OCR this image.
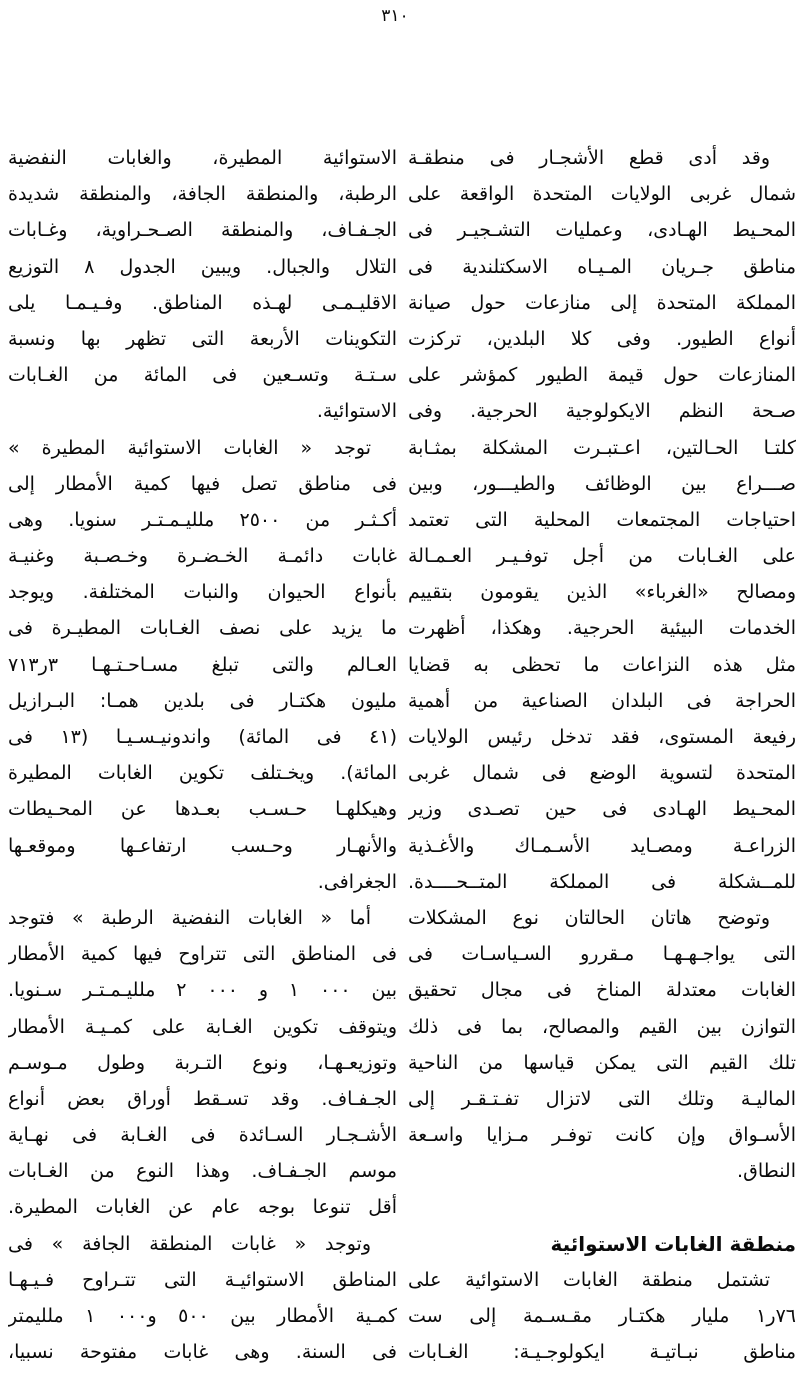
٣١٠
وقد أدى قطع الأشجـار فى منطقـة
شمال غربى الولايات المتحدة الواقعة على
المحـيط الهـادى، وعمليات التشـجيـر فى
مناطق جـريان المـيـاه الاسكتلندية فى
المملكة المتحدة إلى منازعات حول صيانة
أنواع الطيور. وفى كلا البلدين، تركزت
المنازعات حول قيمة الطيور كمؤشر على
صـحة النظم الايكولوجية الحرجية. وفى
كلتـا الحـالتين، اعـتبـرت المشكلة بمثـابة
صـــراع بين الوظائف والطيـــور، وبين
احتياجات المجتمعات المحلية التى تعتمد
على الغـابات من أجل توفـيـر العـمـالة
ومصالح «الغرباء» الذين يقومون بتقييم
الخدمات البيئية الحرجية. وهكذا، أظهرت
مثل هذه النزاعات ما تحظى به قضايا
الحراجة فى البلدان الصناعية من أهمية
رفيعة المستوى، فقد تدخل رئيس الولايات
المتحدة لتسوية الوضع فى شمال غربى
المحـيط الهـادى فى حين تصـدى وزير
الزراعـة ومصـايد الأسـمـاك والأغـذية
للمــشكلة فى المملكة المتــحــــدة.
وتوضح هاتان الحالتان نوع المشكلات
التى يواجـهـهـا مـقررو السـياسـات فى
الغابات معتدلة المناخ فى مجال تحقيق
التوازن بين القيم والمصالح، بما فى ذلك
تلك القيم التى يمكن قياسها من الناحية
الماليـة وتلك التى لاتزال تفـتـقـر إلى
الأسـواق وإن كانت توفـر مـزايا واسـعة
النطاق.
منطقة الغابات الاستوائية
تشتمل منطقة الغابات الاستوائية على
٧٦ر١ مليار هكتـار مقـسـمة إلى ست
مناطق نبـاتيـة ايكولوجـيـة: الغـابات
الاستوائية المطيرة، والغابات النفضية
الرطبة، والمنطقة الجافة، والمنطقة شديدة
الجـفـاف، والمنطقة الصـحـراوية، وغـابات
التلال والجبال. ويبين الجدول ٨ التوزيع
الاقليـمـى لهـذه المناطق. وفـيـمـا يلى
التكوينات الأربعة التى تظهر بها ونسبة
سـتـة وتسـعين فى المائة من الغـابات
الاستوائية.
توجد « الغابات الاستوائية المطيرة »
فى مناطق تصل فيها كمية الأمطار إلى
أكـثـر من ٢٥٠٠ ملليـمـتـر سنويا. وهى
غابات دائمـة الخـضـرة وخـصـبة وغنيـة
بأنواع الحيوان والنبات المختلفة. ويوجد
ما يزيد على نصف الغـابات المطيـرة فى
العـالم والتى تبلغ مسـاحـتـهـا ٣ر٧١٣
مليون هكتـار فى بلدين همـا: البـرازيل
(٤١ فى المائة) واندونيـسـيـا (١٣ فى
المائة). ويخـتلف تكوين الغابات المطيرة
وهيكلهـا حـسـب بعـدها عن المحـيطات
والأنهـار وحـسب ارتفاعـها وموقعـها
الجغرافى.
أما « الغابات النفضية الرطبة » فتوجد
فى المناطق التى تتراوح فيها كمية الأمطار
بين ١ ٠٠٠ و ٢ ٠٠٠ ملليـمـتـر سـنويا.
ويتوقف تكوين الغـابة على كمـيـة الأمطار
وتوزيعـهـا، ونوع التـربة وطول مـوسـم
الجـفـاف. وقد تسـقط أوراق بعض أنواع
الأشـجـار السـائدة فى الغـابة فى نهـاية
موسم الجـفـاف. وهذا النوع من الغـابات
أقل تنوعا بوجه عام عن الغابات المطيرة.
وتوجد « غابات المنطقة الجافة » فى
المناطق الاستوائيـة التى تتـراوح فـيـهـا
كمـية الأمطار بين ٥٠٠ و١ ٠٠٠ ملليمتر
فى السنة. وهى غابات مفتوحة نسبيا،
